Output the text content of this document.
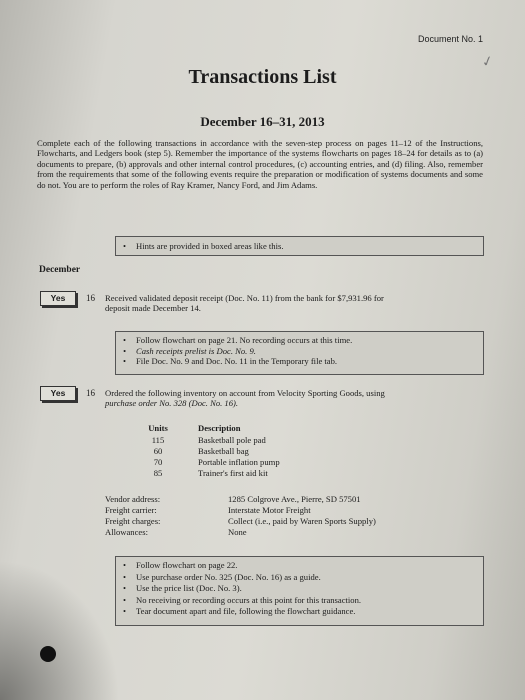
✓
Document No. 1
Transactions List
December 16–31, 2013
Complete each of the following transactions in accordance with the seven-step process on pages 11–12 of the Instructions, Flowcharts, and Ledgers book (step 5). Remember the importance of the systems flowcharts on pages 18–24 for details as to (a) documents to prepare, (b) approvals and other internal control procedures, (c) accounting entries, and (d) filing. Also, remember from the requirements that some of the following events require the preparation or modification of systems documents and some do not. You are to perform the roles of Ray Kramer, Nancy Ford, and Jim Adams.
• Hints are provided in boxed areas like this.
December
Yes	16 Received validated deposit receipt (Doc. No. 11) from the bank for $7,931.96 for
deposit made December 14.
• Follow flowchart on page 21. No recording occurs at this time.
• Cash receipts prelist is Doc. No. 9.
• File Doc. No. 9 and Doc. No. 11 in the Temporary file tab.
Yes	16 Ordered the following inventory on account from Velocity Sporting Goods, using
purchase order No. 328 (Doc. No. 16).
Units	Description
115	Basketball pole pad
60	Basketball bag
70	Portable inflation pump
85	Trainer's first aid kit
Vendor address:	1285 Colgrove Ave., Pierre, SD 57501
Freight carrier:	Interstate Motor Freight
Freight charges:	Collect (i.e., paid by Waren Sports Supply)
Allowances:	None
• Follow flowchart on page 22.
• Use purchase order No. 325 (Doc. No. 16) as a guide.
• Use the price list (Doc. No. 3).
• No receiving or recording occurs at this point for this transaction.
• Tear document apart and file, following the flowchart guidance.
